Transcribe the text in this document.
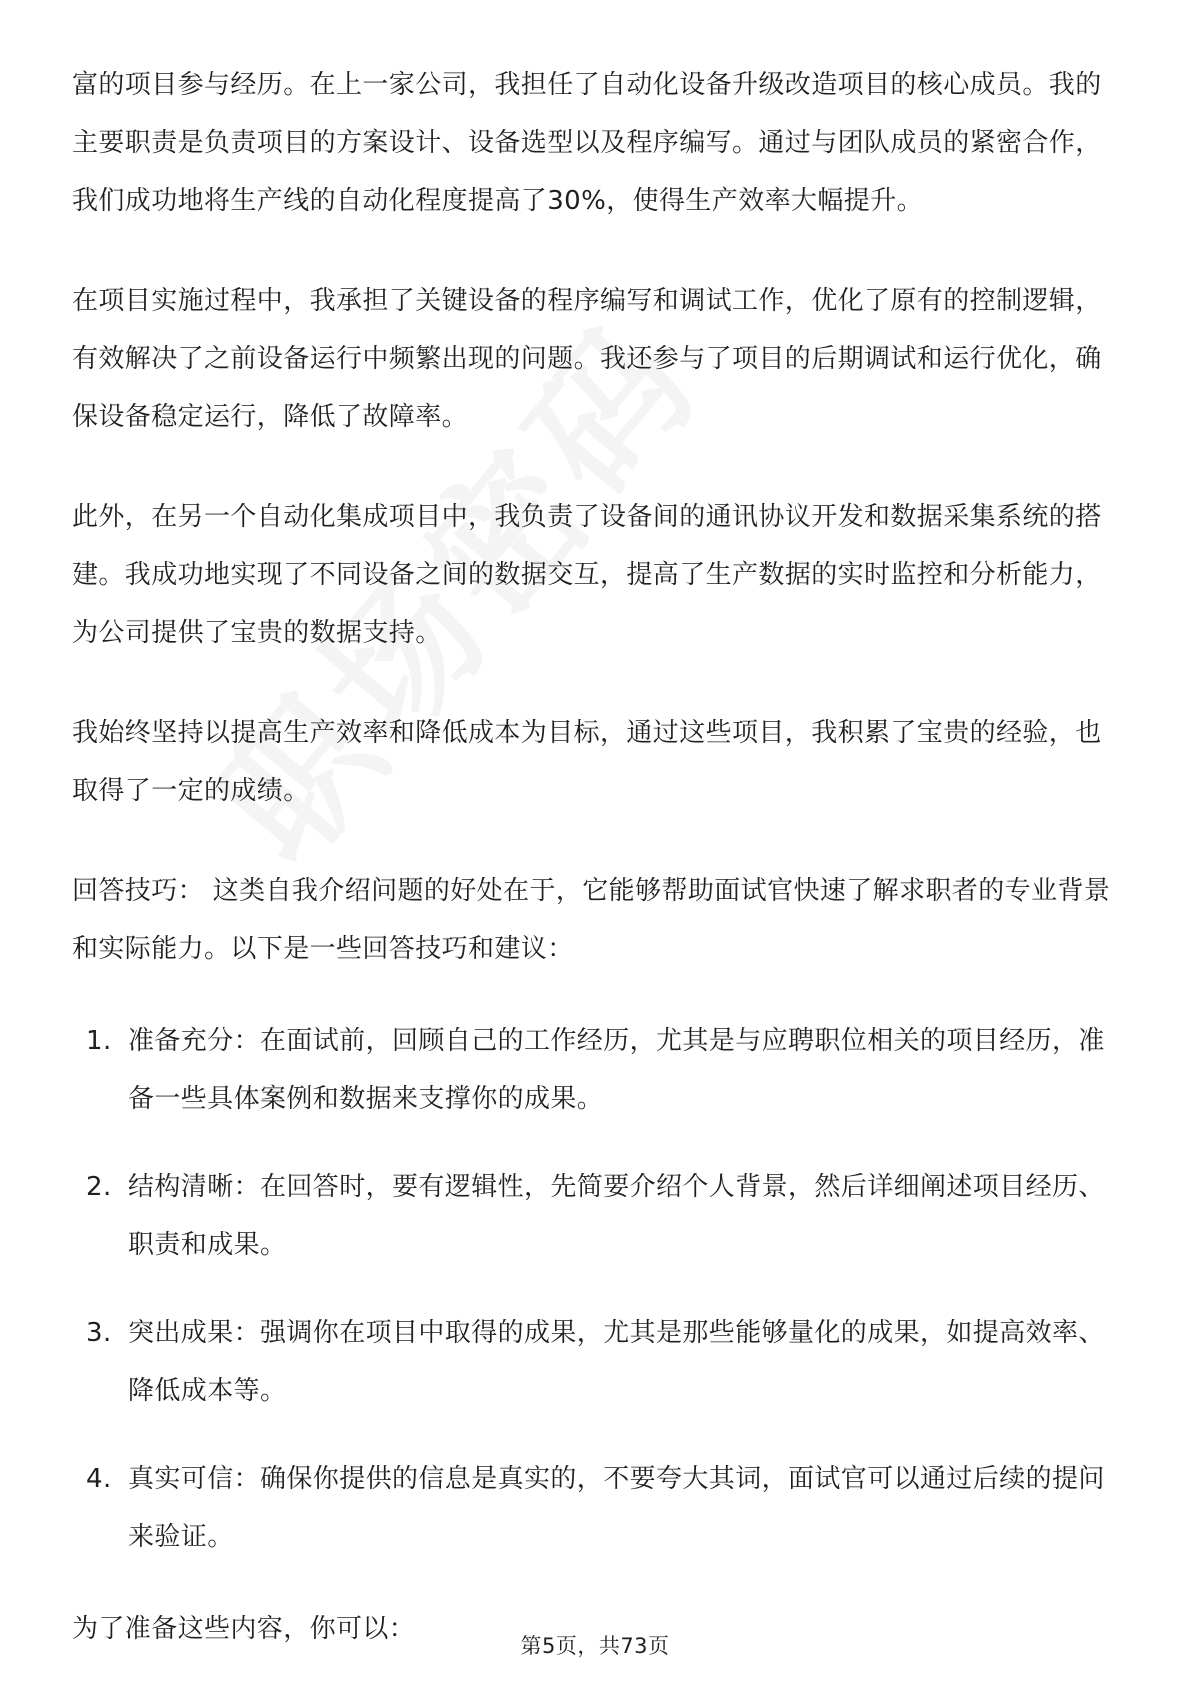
富的项目参与经历。在上一家公司，我担任了自动化设备升级改造项目的核心成员。我的主要职责是负责项目的方案设计、设备选型以及程序编写。通过与团队成员的紧密合作，我们成功地将生产线的自动化程度提高了30%，使得生产效率大幅提升。

在项目实施过程中，我承担了关键设备的程序编写和调试工作，优化了原有的控制逻辑，有效解决了之前设备运行中频繁出现的问题。我还参与了项目的后期调试和运行优化，确保设备稳定运行，降低了故障率。

此外，在另一个自动化集成项目中，我负责了设备间的通讯协议开发和数据采集系统的搭建。我成功地实现了不同设备之间的数据交互，提高了生产数据的实时监控和分析能力，为公司提供了宝贵的数据支持。

我始终坚持以提高生产效率和降低成本为目标，通过这些项目，我积累了宝贵的经验，也取得了一定的成绩。

回答技巧： 这类自我介绍问题的好处在于，它能够帮助面试官快速了解求职者的专业背景和实际能力。以下是一些回答技巧和建议：

1. 准备充分：在面试前，回顾自己的工作经历，尤其是与应聘职位相关的项目经历，准备一些具体案例和数据来支撑你的成果。
2. 结构清晰：在回答时，要有逻辑性，先简要介绍个人背景，然后详细阐述项目经历、职责和成果。
3. 突出成果：强调你在项目中取得的成果，尤其是那些能够量化的成果，如提高效率、降低成本等。
4. 真实可信：确保你提供的信息是真实的，不要夸大其词，面试官可以通过后续的提问来验证。

为了准备这些内容，你可以：

第5页，共73页
